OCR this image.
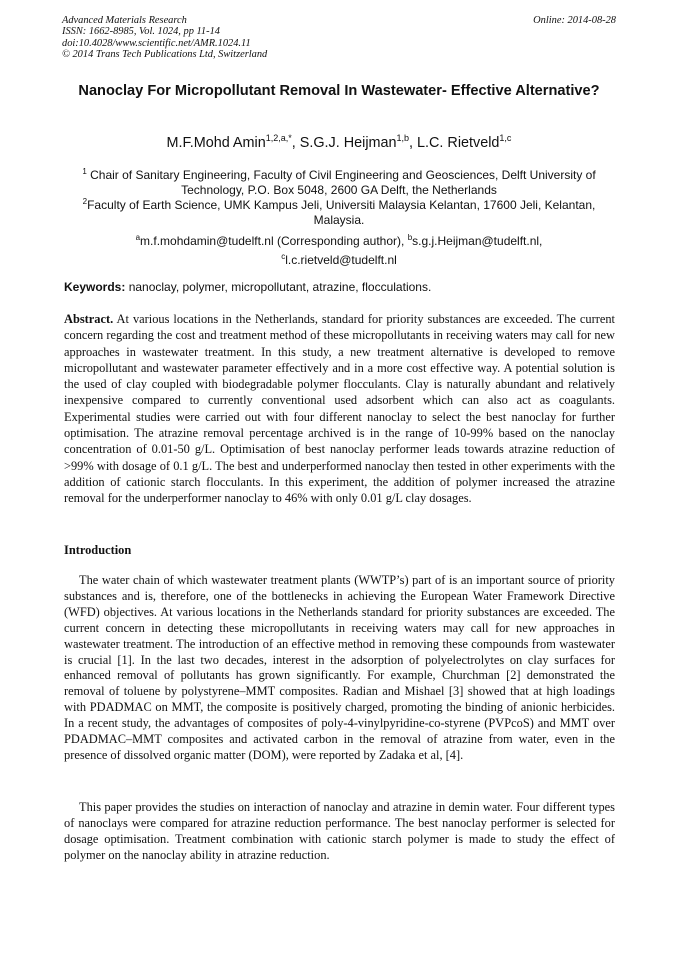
Advanced Materials Research
ISSN: 1662-8985, Vol. 1024, pp 11-14
doi:10.4028/www.scientific.net/AMR.1024.11
© 2014 Trans Tech Publications Ltd, Switzerland
Online: 2014-08-28
Nanoclay For Micropollutant Removal In Wastewater- Effective Alternative?
M.F.Mohd Amin$^{1,2,a,*}$, S.G.J. Heijman$^{1,b}$, L.C. Rietveld$^{1,c}$
$^1$ Chair of Sanitary Engineering, Faculty of Civil Engineering and Geosciences, Delft University of Technology, P.O. Box 5048, 2600 GA Delft, the Netherlands
$^2$Faculty of Earth Science, UMK Kampus Jeli, Universiti Malaysia Kelantan, 17600 Jeli, Kelantan, Malaysia.
$^a$m.f.mohdamin@tudelft.nl (Corresponding author), $^b$s.g.j.Heijman@tudelft.nl,
$^c$l.c.rietveld@tudelft.nl
Keywords: nanoclay, polymer, micropollutant, atrazine, flocculations.
Abstract. At various locations in the Netherlands, standard for priority substances are exceeded. The current concern regarding the cost and treatment method of these micropollutants in receiving waters may call for new approaches in wastewater treatment. In this study, a new treatment alternative is developed to remove micropollutant and wastewater parameter effectively and in a more cost effective way. A potential solution is the used of clay coupled with biodegradable polymer flocculants. Clay is naturally abundant and relatively inexpensive compared to currently conventional used adsorbent which can also act as coagulants. Experimental studies were carried out with four different nanoclay to select the best nanoclay for further optimisation. The atrazine removal percentage archived is in the range of 10-99% based on the nanoclay concentration of 0.01-50 g/L. Optimisation of best nanoclay performer leads towards atrazine reduction of >99% with dosage of 0.1 g/L. The best and underperformed nanoclay then tested in other experiments with the addition of cationic starch flocculants. In this experiment, the addition of polymer increased the atrazine removal for the underperformer nanoclay to 46% with only 0.01 g/L clay dosages.
Introduction
The water chain of which wastewater treatment plants (WWTP’s) part of is an important source of priority substances and is, therefore, one of the bottlenecks in achieving the European Water Framework Directive (WFD) objectives. At various locations in the Netherlands standard for priority substances are exceeded. The current concern in detecting these micropollutants in receiving waters may call for new approaches in wastewater treatment. The introduction of an effective method in removing these compounds from wastewater is crucial [1]. In the last two decades, interest in the adsorption of polyelectrolytes on clay surfaces for enhanced removal of pollutants has grown significantly. For example, Churchman [2] demonstrated the removal of toluene by polystyrene–MMT composites. Radian and Mishael [3] showed that at high loadings with PDADMAC on MMT, the composite is positively charged, promoting the binding of anionic herbicides. In a recent study, the advantages of composites of poly-4-vinylpyridine-co-styrene (PVPcoS) and MMT over PDADMAC–MMT composites and activated carbon in the removal of atrazine from water, even in the presence of dissolved organic matter (DOM), were reported by Zadaka et al, [4].
This paper provides the studies on interaction of nanoclay and atrazine in demin water. Four different types of nanoclays were compared for atrazine reduction performance. The best nanoclay performer is selected for dosage optimisation. Treatment combination with cationic starch polymer is made to study the effect of polymer on the nanoclay ability in atrazine reduction.
